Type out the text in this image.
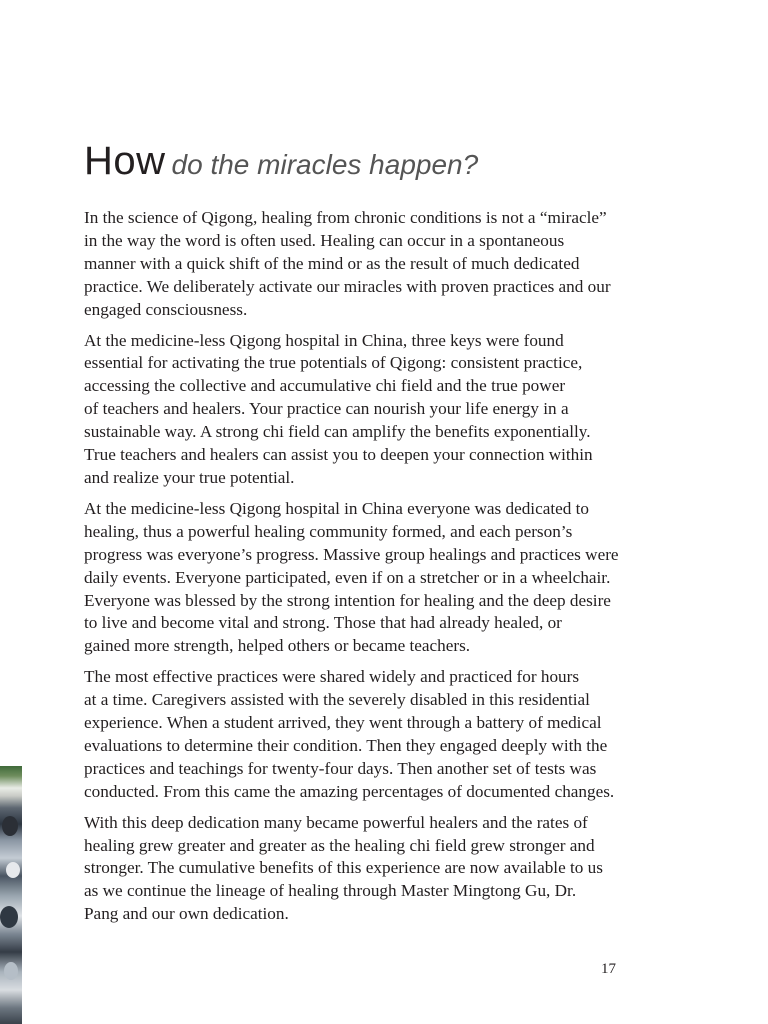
How do the miracles happen?

In the science of Qigong, healing from chronic conditions is not a “miracle”
in the way the word is often used. Healing can occur in a spontaneous
manner with a quick shift of the mind or as the result of much dedicated
practice. We deliberately activate our miracles with proven practices and our
engaged consciousness.

At the medicine-less Qigong hospital in China, three keys were found
essential for activating the true potentials of Qigong: consistent practice,
accessing the collective and accumulative chi field and the true power
of teachers and healers. Your practice can nourish your life energy in a
sustainable way. A strong chi field can amplify the benefits exponentially.
True teachers and healers can assist you to deepen your connection within
and realize your true potential.

At the medicine-less Qigong hospital in China everyone was dedicated to
healing, thus a powerful healing community formed, and each person’s
progress was everyone’s progress. Massive group healings and practices were
daily events. Everyone participated, even if on a stretcher or in a wheelchair.
Everyone was blessed by the strong intention for healing and the deep desire
to live and become vital and strong. Those that had already healed, or
gained more strength, helped others or became teachers.

The most effective practices were shared widely and practiced for hours
at a time. Caregivers assisted with the severely disabled in this residential
experience. When a student arrived, they went through a battery of medical
evaluations to determine their condition. Then they engaged deeply with the
practices and teachings for twenty-four days. Then another set of tests was
conducted. From this came the amazing percentages of documented changes.

With this deep dedication many became powerful healers and the rates of
healing grew greater and greater as the healing chi field grew stronger and
stronger. The cumulative benefits of this experience are now available to us
as we continue the lineage of healing through Master Mingtong Gu, Dr.
Pang and our own dedication.

17
